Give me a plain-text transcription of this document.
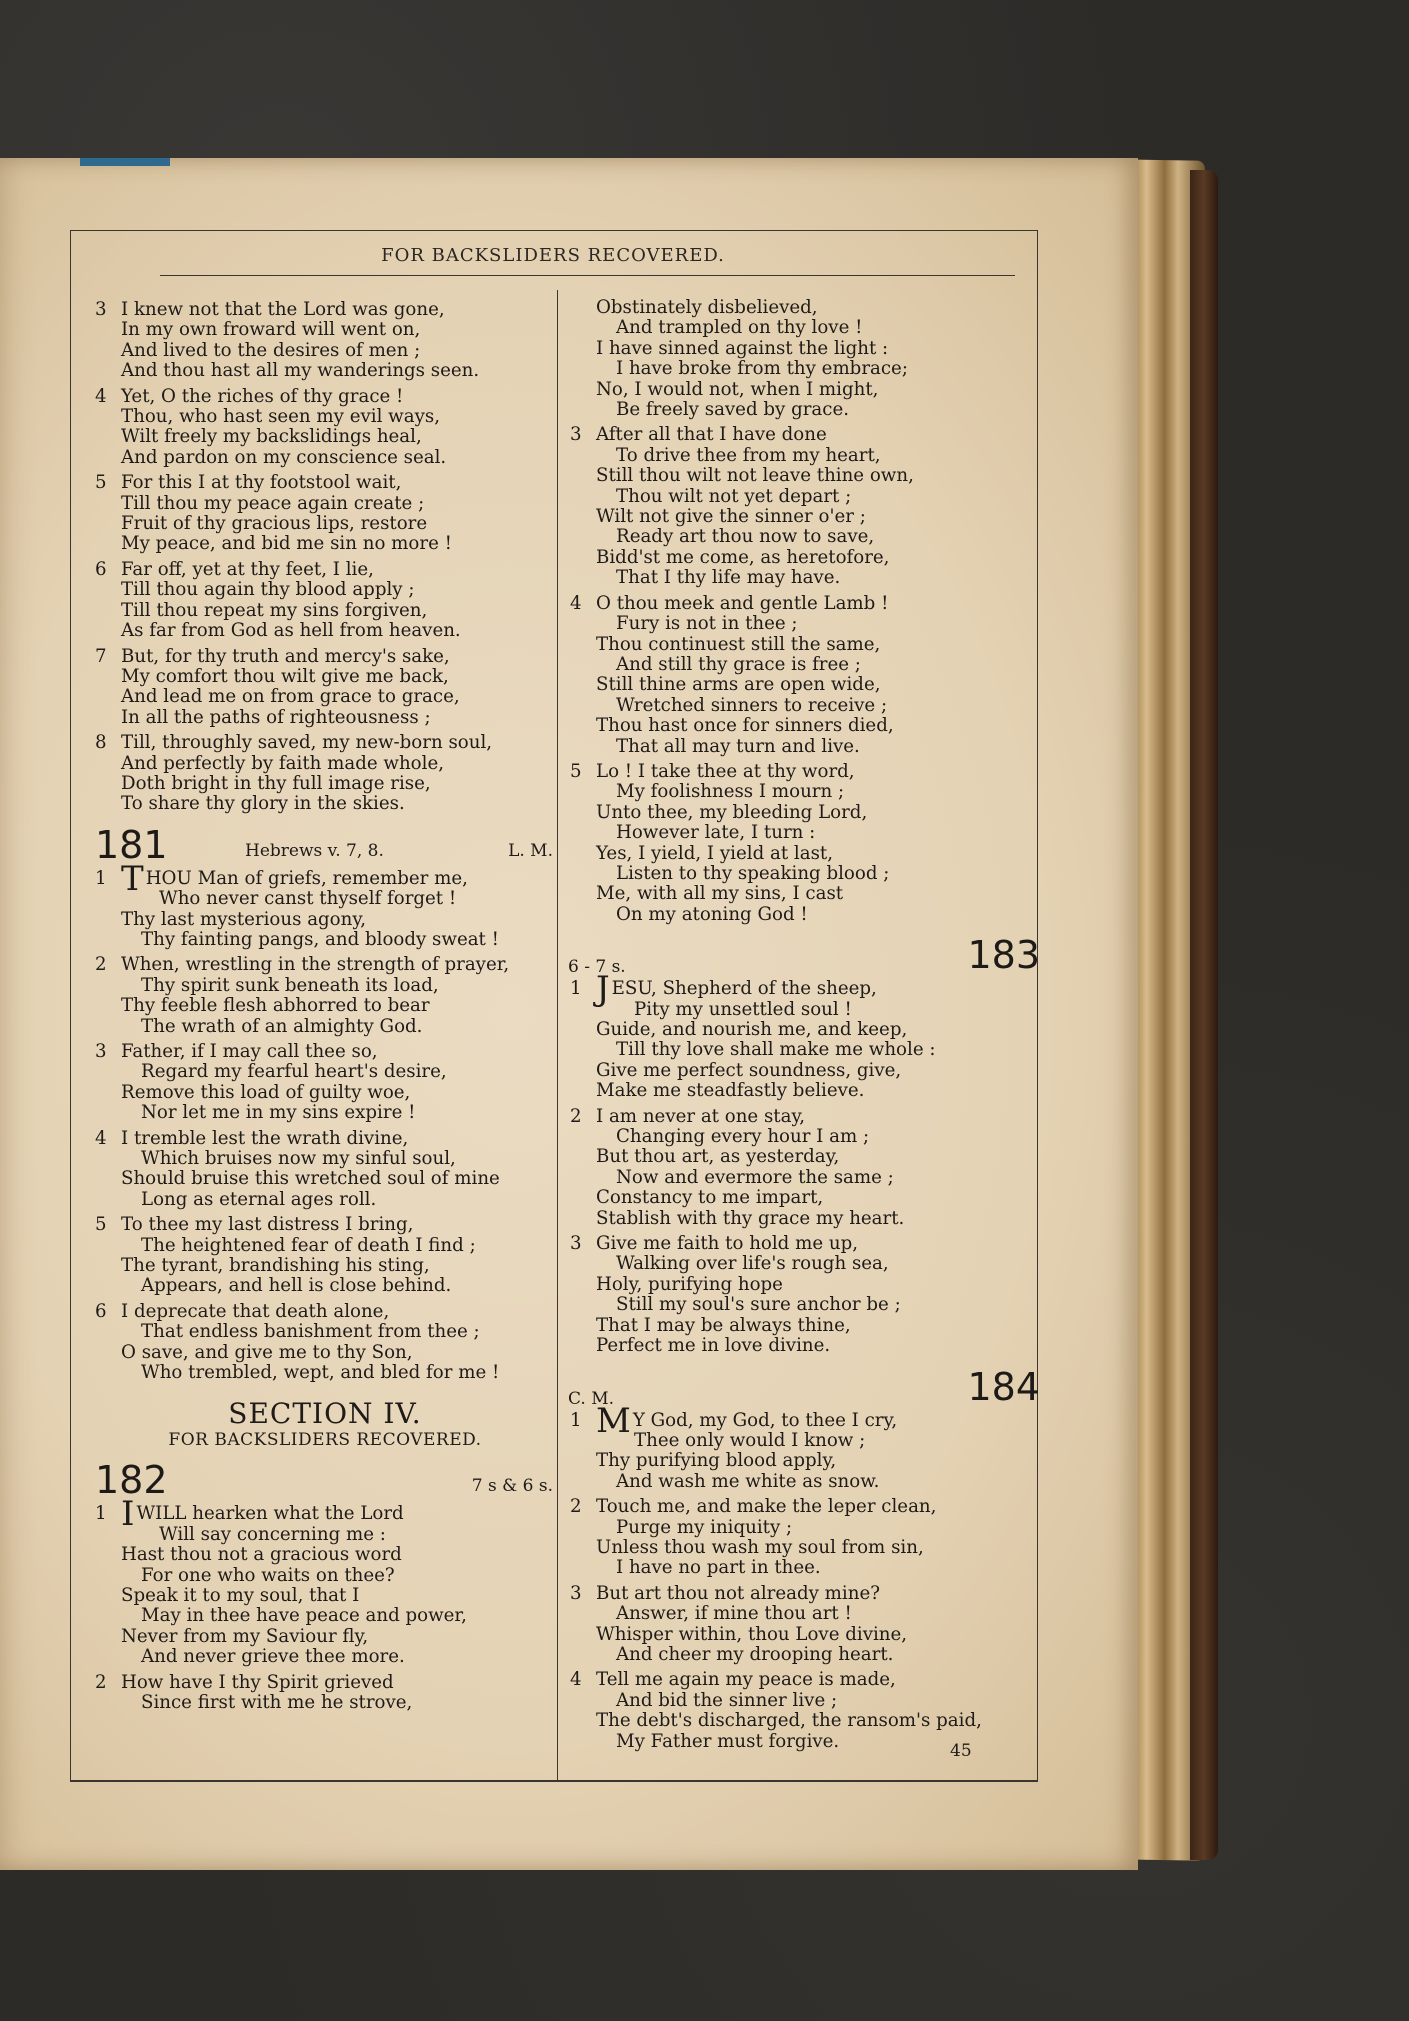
FOR BACKSLIDERS RECOVERED.
3 I knew not that the Lord was gone,
In my own froward will went on,
And lived to the desires of men ;
And thou hast all my wanderings seen.
4 Yet, O the riches of thy grace !
Thou, who hast seen my evil ways,
Wilt freely my backslidings heal,
And pardon on my conscience seal.
5 For this I at thy footstool wait,
Till thou my peace again create ;
Fruit of thy gracious lips, restore
My peace, and bid me sin no more !
6 Far off, yet at thy feet, I lie,
Till thou again thy blood apply ;
Till thou repeat my sins forgiven,
As far from God as hell from heaven.
7 But, for thy truth and mercy's sake,
My comfort thou wilt give me back,
And lead me on from grace to grace,
In all the paths of righteousness ;
8 Till, throughly saved, my new-born soul,
And perfectly by faith made whole,
Doth bright in thy full image rise,
To share thy glory in the skies.
181	Hebrews v. 7, 8.	L. M.
1 T HOU Man of griefs, remember me,
Who never canst thyself forget !
Thy last mysterious agony,
Thy fainting pangs, and bloody sweat !
2 When, wrestling in the strength of prayer,
Thy spirit sunk beneath its load,
Thy feeble flesh abhorred to bear
The wrath of an almighty God.
3 Father, if I may call thee so,
Regard my fearful heart's desire,
Remove this load of guilty woe,
Nor let me in my sins expire !
4 I tremble lest the wrath divine,
Which bruises now my sinful soul,
Should bruise this wretched soul of mine
Long as eternal ages roll.
5 To thee my last distress I bring,
The heightened fear of death I find ;
The tyrant, brandishing his sting,
Appears, and hell is close behind.
6 I deprecate that death alone,
That endless banishment from thee ;
O save, and give me to thy Son,
Who trembled, wept, and bled for me !
SECTION IV.
FOR BACKSLIDERS RECOVERED.
182	7 s & 6 s.
1 I WILL hearken what the Lord
Will say concerning me :
Hast thou not a gracious word
For one who waits on thee?
Speak it to my soul, that I
May in thee have peace and power,
Never from my Saviour fly,
And never grieve thee more.
2 How have I thy Spirit grieved
Since first with me he strove,
Obstinately disbelieved,
And trampled on thy love !
I have sinned against the light :
I have broke from thy embrace;
No, I would not, when I might,
Be freely saved by grace.
3 After all that I have done
To drive thee from my heart,
Still thou wilt not leave thine own,
Thou wilt not yet depart ;
Wilt not give the sinner o'er ;
Ready art thou now to save,
Bidd'st me come, as heretofore,
That I thy life may have.
4 O thou meek and gentle Lamb !
Fury is not in thee ;
Thou continuest still the same,
And still thy grace is free ;
Still thine arms are open wide,
Wretched sinners to receive ;
Thou hast once for sinners died,
That all may turn and live.
5 Lo ! I take thee at thy word,
My foolishness I mourn ;
Unto thee, my bleeding Lord,
However late, I turn :
Yes, I yield, I yield at last,
Listen to thy speaking blood ;
Me, with all my sins, I cast
On my atoning God !
6 - 7 s.	183
1 J ESU, Shepherd of the sheep,
Pity my unsettled soul !
Guide, and nourish me, and keep,
Till thy love shall make me whole :
Give me perfect soundness, give,
Make me steadfastly believe.
2 I am never at one stay,
Changing every hour I am ;
But thou art, as yesterday,
Now and evermore the same ;
Constancy to me impart,
Stablish with thy grace my heart.
3 Give me faith to hold me up,
Walking over life's rough sea,
Holy, purifying hope
Still my soul's sure anchor be ;
That I may be always thine,
Perfect me in love divine.
C. M.	184
1 M Y God, my God, to thee I cry,
Thee only would I know ;
Thy purifying blood apply,
And wash me white as snow.
2 Touch me, and make the leper clean,
Purge my iniquity ;
Unless thou wash my soul from sin,
I have no part in thee.
3 But art thou not already mine?
Answer, if mine thou art !
Whisper within, thou Love divine,
And cheer my drooping heart.
4 Tell me again my peace is made,
And bid the sinner live ;
The debt's discharged, the ransom's paid,
My Father must forgive.	45
